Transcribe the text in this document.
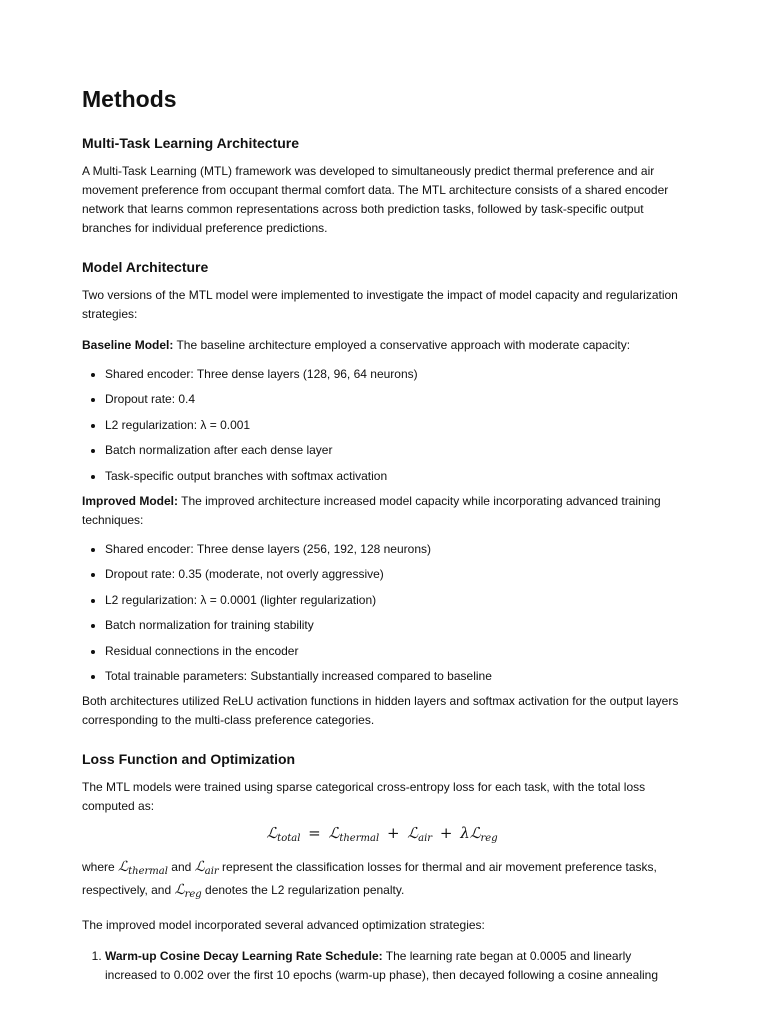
Methods
Multi-Task Learning Architecture

A Multi-Task Learning (MTL) framework was developed to simultaneously predict thermal preference and air movement preference from occupant thermal comfort data. The MTL architecture consists of a shared encoder network that learns common representations across both prediction tasks, followed by task-specific output branches for individual preference predictions.

Model Architecture

Two versions of the MTL model were implemented to investigate the impact of model capacity and regularization strategies:

Baseline Model: The baseline architecture employed a conservative approach with moderate capacity:

• Shared encoder: Three dense layers (128, 96, 64 neurons)
• Dropout rate: 0.4
• L2 regularization: λ = 0.001
• Batch normalization after each dense layer
• Task-specific output branches with softmax activation

Improved Model: The improved architecture increased model capacity while incorporating advanced training techniques:

• Shared encoder: Three dense layers (256, 192, 128 neurons)
• Dropout rate: 0.35 (moderate, not overly aggressive)
• L2 regularization: λ = 0.0001 (lighter regularization)
• Batch normalization for training stability
• Residual connections in the encoder
• Total trainable parameters: Substantially increased compared to baseline

Both architectures utilized ReLU activation functions in hidden layers and softmax activation for the output layers corresponding to the multi-class preference categories.

Loss Function and Optimization

The MTL models were trained using sparse categorical cross-entropy loss for each task, with the total loss computed as:

ℒ$_{total}$ = ℒ$_{thermal}$ + ℒ$_{air}$ + λℒ$_{reg}$

where ℒ$_{thermal}$ and ℒ$_{air}$ represent the classification losses for thermal and air movement preference tasks, respectively, and ℒ$_{reg}$ denotes the L2 regularization penalty.

The improved model incorporated several advanced optimization strategies:

1. Warm-up Cosine Decay Learning Rate Schedule: The learning rate began at 0.0005 and linearly increased to 0.002 over the first 10 epochs (warm-up phase), then decayed following a cosine annealing
